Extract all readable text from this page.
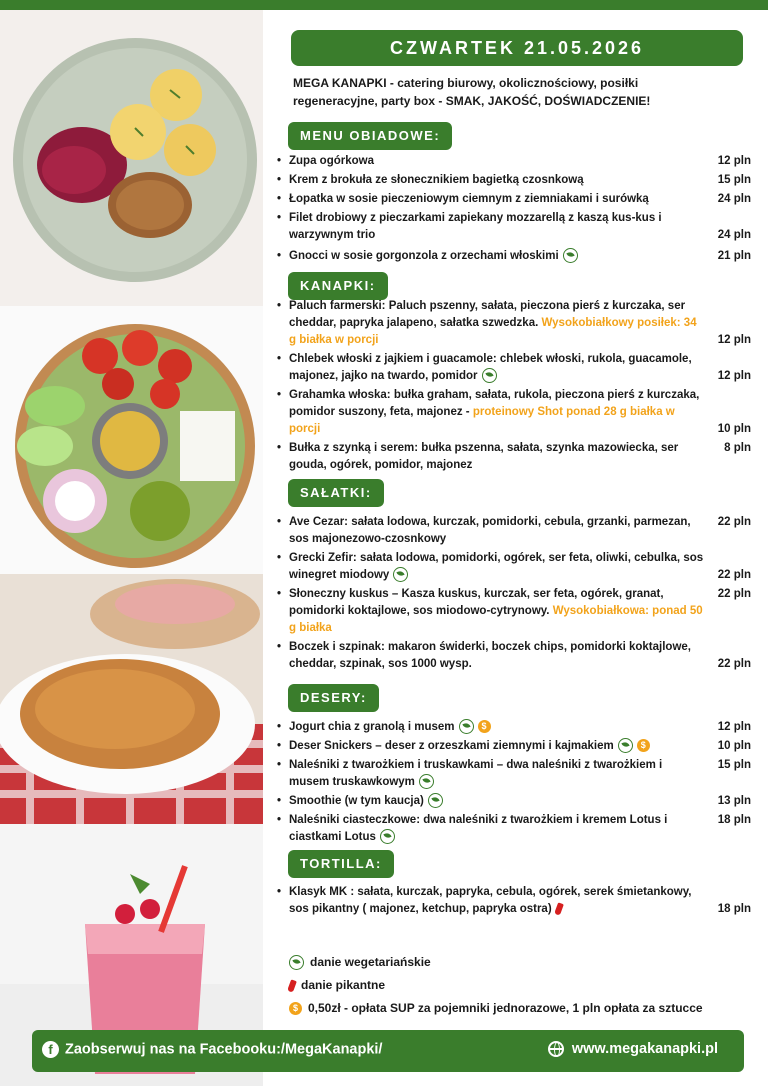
CZWARTEK 21.05.2026
MEGA KANAPKI - catering biurowy, okolicznościowy, posiłki regeneracyjne, party box - SMAK, JAKOŚĆ, DOŚWIADCZENIE!
MENU OBIADOWE:
• Zupa ogórkowa	12 pln
• Krem z brokuła ze słonecznikiem bagietką czosnkową	15 pln
• Łopatka w sosie pieczeniowym ciemnym z ziemniakami i surówką	24 pln
• Filet drobiowy z pieczarkami zapiekany mozzarellą z kaszą kus-kus i warzywnym trio	24 pln
• Gnocci w sosie gorgonzola z orzechami włoskimi	21 pln
KANAPKI:
• Paluch farmerski: Paluch pszenny, sałata, pieczona pierś z kurczaka, ser cheddar, papryka jalapeno, sałatka szwedzka. Wysokobiałkowy posiłek: 34 g białka w porcji	12 pln
• Chlebek włoski z jajkiem i guacamole: chlebek włoski, rukola, guacamole, majonez, jajko na twardo, pomidor	12 pln
• Grahamka włoska: bułka graham, sałata, rukola, pieczona pierś z kurczaka, pomidor suszony, feta, majonez - proteinowy Shot ponad 28 g białka w porcji	10 pln
• Bułka z szynką i serem: bułka pszenna, sałata, szynka mazowiecka, ser gouda, ogórek, pomidor, majonez
8 pln
SAŁATKI:
• Ave Cezar: sałata lodowa, kurczak, pomidorki, cebula, grzanki, parmezan, sos majonezowo-czosnkowy
22 pln
• Grecki Zefir: sałata lodowa, pomidorki, ogórek, ser feta, oliwki, cebulka, sos winegret miodowy	22 pln
• Słoneczny kuskus – Kasza kuskus, kurczak, ser feta, ogórek, granat, pomidorki koktajlowe, sos miodowo-cytrynowy. Wysokobiałkowa: ponad 50 g białka
22 pln
• Boczek i szpinak: makaron świderki, boczek chips, pomidorki koktajlowe, cheddar, szpinak, sos 1000 wysp.	22 pln
DESERY:
• Jogurt chia z granolą i musem	$	12 pln
• Deser Snickers – deser z orzeszkami ziemnymi i kajmakiem	$	10 pln
• Naleśniki z twarożkiem i truskawkami – dwa naleśniki z twarożkiem i musem truskawkowym
15 pln
• Smoothie (w tym kaucja)	13 pln
• Naleśniki ciasteczkowe: dwa naleśniki z twarożkiem i kremem Lotus i ciastkami Lotus
18 pln
TORTILLA:
• Klasyk MK : sałata, kurczak, papryka, cebula, ogórek, serek śmietankowy, sos pikantny ( majonez, ketchup, papryka ostra)	18 pln
danie wegetariańskie
danie pikantne
$ 0,50zł - opłata SUP za pojemniki jednorazowe, 1 pln opłata za sztucce
f Zaobserwuj nas na Facebooku:/MegaKanapki/	www.megakanapki.pl
